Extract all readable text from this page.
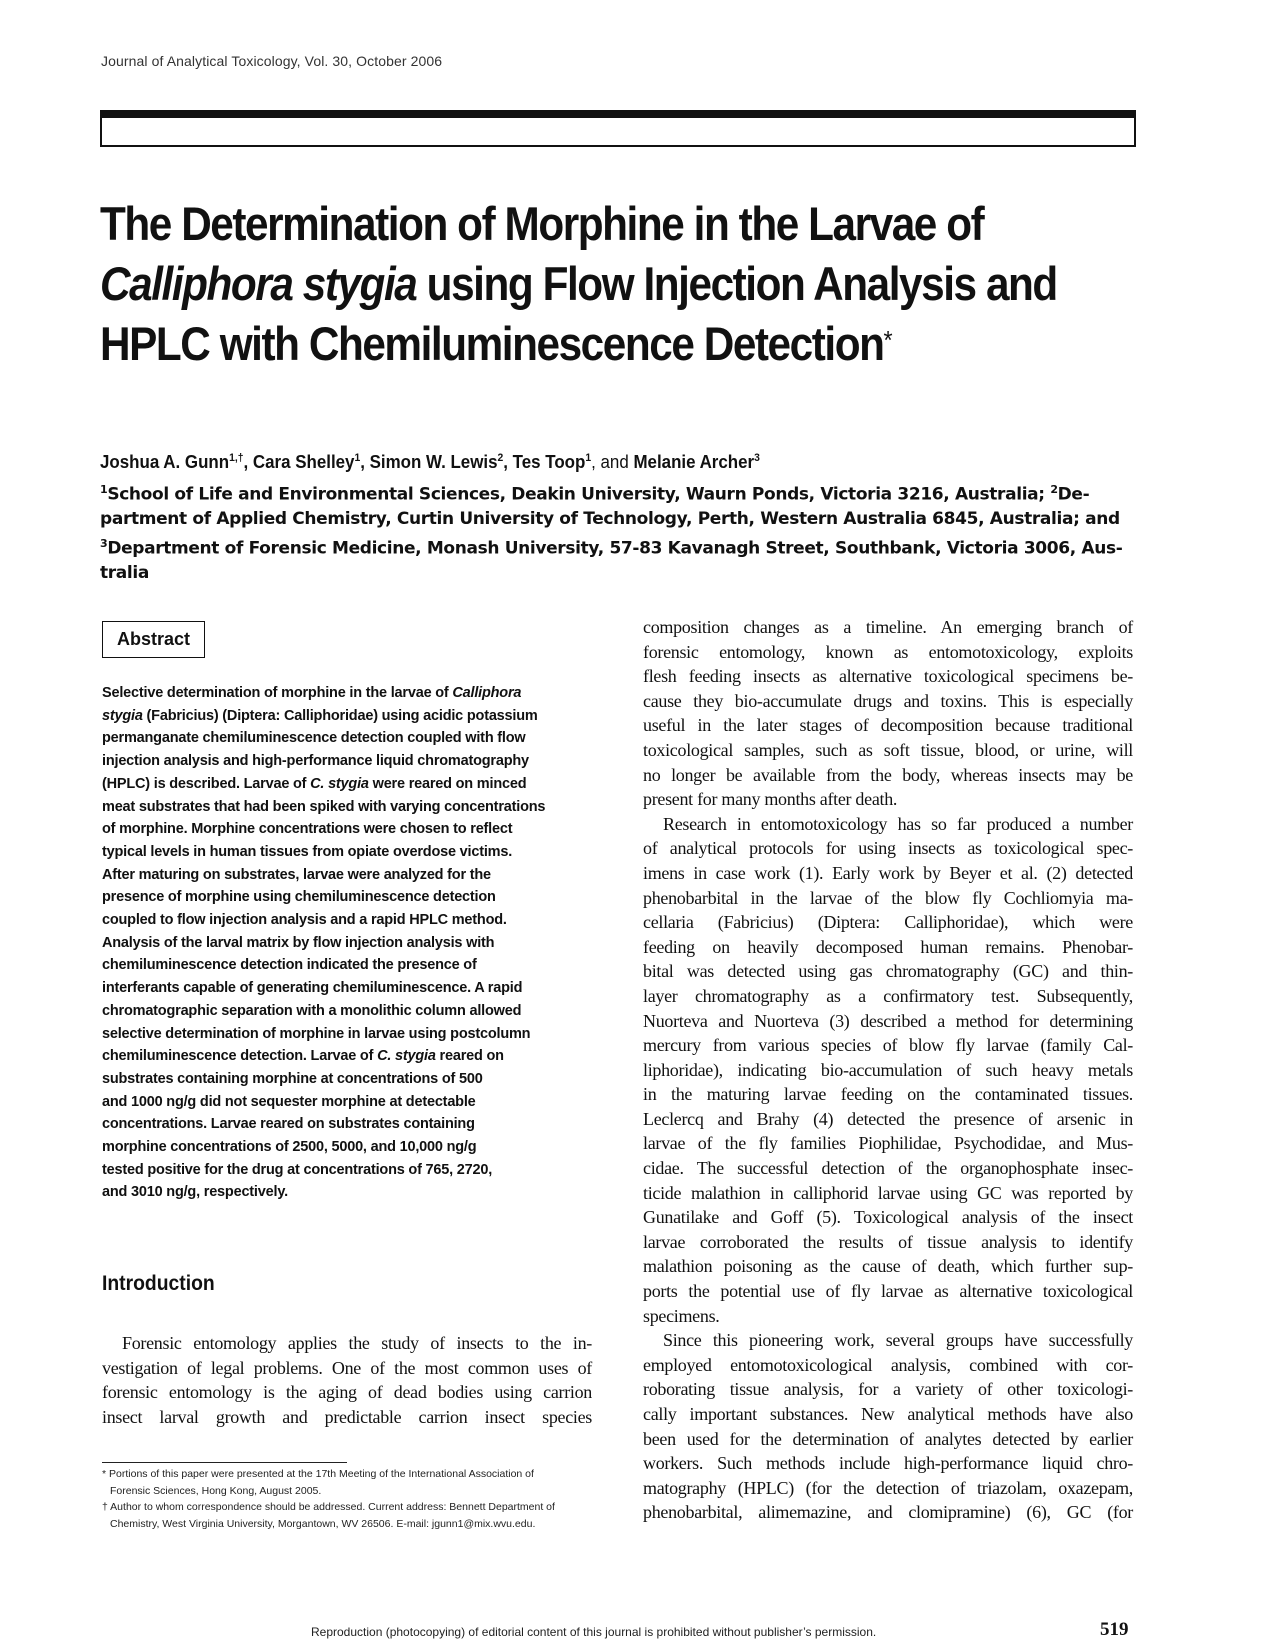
Journal of Analytical Toxicology, Vol. 30, October 2006
The Determination of Morphine in the Larvae of
Calliphora stygia using Flow Injection Analysis and
HPLC with Chemiluminescence Detection*
Joshua A. Gunn$^{1,\dagger}$, Cara Shelley$^1$, Simon W. Lewis$^2$, Tes Toop$^1$, and Melanie Archer$^3$
$^1$School of Life and Environmental Sciences, Deakin University, Waurn Ponds, Victoria 3216, Australia; $^2$De-
partment of Applied Chemistry, Curtin University of Technology, Perth, Western Australia 6845, Australia; and
$^3$Department of Forensic Medicine, Monash University, 57-83 Kavanagh Street, Southbank, Victoria 3006, Aus-
tralia
Abstract
Selective determination of morphine in the larvae of Calliphora
stygia (Fabricius) (Diptera: Calliphoridae) using acidic potassium
permanganate chemiluminescence detection coupled with flow
injection analysis and high-performance liquid chromatography
(HPLC) is described. Larvae of C. stygia were reared on minced
meat substrates that had been spiked with varying concentrations
of morphine. Morphine concentrations were chosen to reflect
typical levels in human tissues from opiate overdose victims.
After maturing on substrates, larvae were analyzed for the
presence of morphine using chemiluminescence detection
coupled to flow injection analysis and a rapid HPLC method.
Analysis of the larval matrix by flow injection analysis with
chemiluminescence detection indicated the presence of
interferants capable of generating chemiluminescence. A rapid
chromatographic separation with a monolithic column allowed
selective determination of morphine in larvae using postcolumn
chemiluminescence detection. Larvae of C. stygia reared on
substrates containing morphine at concentrations of 500
and 1000 ng/g did not sequester morphine at detectable
concentrations. Larvae reared on substrates containing
morphine concentrations of 2500, 5000, and 10,000 ng/g
tested positive for the drug at concentrations of 765, 2720,
and 3010 ng/g, respectively.
Introduction
Forensic entomology applies the study of insects to the in-
vestigation of legal problems. One of the most common uses of
forensic entomology is the aging of dead bodies using carrion
insect larval growth and predictable carrion insect species
composition changes as a timeline. An emerging branch of
forensic entomology, known as entomotoxicology, exploits
flesh feeding insects as alternative toxicological specimens be-
cause they bio-accumulate drugs and toxins. This is especially
useful in the later stages of decomposition because traditional
toxicological samples, such as soft tissue, blood, or urine, will
no longer be available from the body, whereas insects may be
present for many months after death.
Research in entomotoxicology has so far produced a number
of analytical protocols for using insects as toxicological spec-
imens in case work (1). Early work by Beyer et al. (2) detected
phenobarbital in the larvae of the blow fly Cochliomyia ma-
cellaria (Fabricius) (Diptera: Calliphoridae), which were
feeding on heavily decomposed human remains. Phenobar-
bital was detected using gas chromatography (GC) and thin-
layer chromatography as a confirmatory test. Subsequently,
Nuorteva and Nuorteva (3) described a method for determining
mercury from various species of blow fly larvae (family Cal-
liphoridae), indicating bio-accumulation of such heavy metals
in the maturing larvae feeding on the contaminated tissues.
Leclercq and Brahy (4) detected the presence of arsenic in
larvae of the fly families Piophilidae, Psychodidae, and Mus-
cidae. The successful detection of the organophosphate insec-
ticide malathion in calliphorid larvae using GC was reported by
Gunatilake and Goff (5). Toxicological analysis of the insect
larvae corroborated the results of tissue analysis to identify
malathion poisoning as the cause of death, which further sup-
ports the potential use of fly larvae as alternative toxicological
specimens.
Since this pioneering work, several groups have successfully
employed entomotoxicological analysis, combined with cor-
roborating tissue analysis, for a variety of other toxicologi-
cally important substances. New analytical methods have also
been used for the determination of analytes detected by earlier
workers. Such methods include high-performance liquid chro-
matography (HPLC) (for the detection of triazolam, oxazepam,
phenobarbital, alimemazine, and clomipramine) (6), GC (for
* Portions of this paper were presented at the 17th Meeting of the International Association of
Forensic Sciences, Hong Kong, August 2005.
† Author to whom correspondence should be addressed. Current address: Bennett Department of
Chemistry, West Virginia University, Morgantown, WV 26506. E-mail: jgunn1@mix.wvu.edu.
Reproduction (photocopying) of editorial content of this journal is prohibited without publisher’s permission.	519
